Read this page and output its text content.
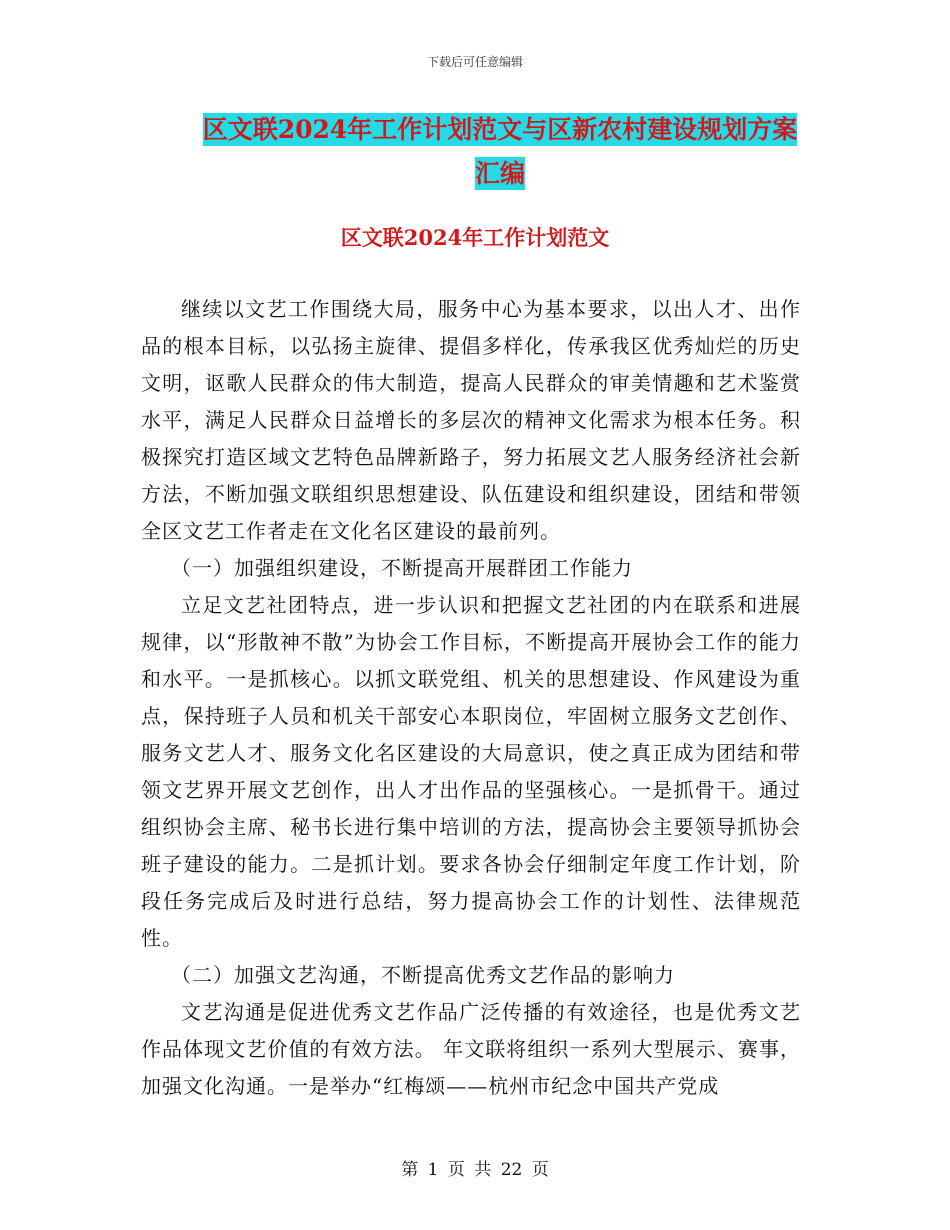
下载后可任意编辑
区文联2024年工作计划范文与区新农村建设规划方案
汇编
区文联2024年工作计划范文

继续以文艺工作围绕大局，服务中心为基本要求，以出人才、出作品的根本目标，以弘扬主旋律、提倡多样化，传承我区优秀灿烂的历史文明，讴歌人民群众的伟大制造，提高人民群众的审美情趣和艺术鉴赏水平，满足人民群众日益增长的多层次的精神文化需求为根本任务。积极探究打造区域文艺特色品牌新路子，努力拓展文艺人服务经济社会新方法，不断加强文联组织思想建设、队伍建设和组织建设，团结和带领全区文艺工作者走在文化名区建设的最前列。

（一）加强组织建设，不断提高开展群团工作能力

立足文艺社团特点，进一步认识和把握文艺社团的内在联系和进展规律，以“形散神不散”为协会工作目标，不断提高开展协会工作的能力和水平。一是抓核心。以抓文联党组、机关的思想建设、作风建设为重点，保持班子人员和机关干部安心本职岗位，牢固树立服务文艺创作、服务文艺人才、服务文化名区建设的大局意识，使之真正成为团结和带领文艺界开展文艺创作，出人才出作品的坚强核心。一是抓骨干。通过组织协会主席、秘书长进行集中培训的方法，提高协会主要领导抓协会班子建设的能力。二是抓计划。要求各协会仔细制定年度工作计划，阶段任务完成后及时进行总结，努力提高协会工作的计划性、法律规范性。

（二）加强文艺沟通，不断提高优秀文艺作品的影响力

文艺沟通是促进优秀文艺作品广泛传播的有效途径，也是优秀文艺作品体现文艺价值的有效方法。 年文联将组织一系列大型展示、赛事，加强文化沟通。一是举办“红梅颂——杭州市纪念中国共产党成

第 1 页 共 22 页
